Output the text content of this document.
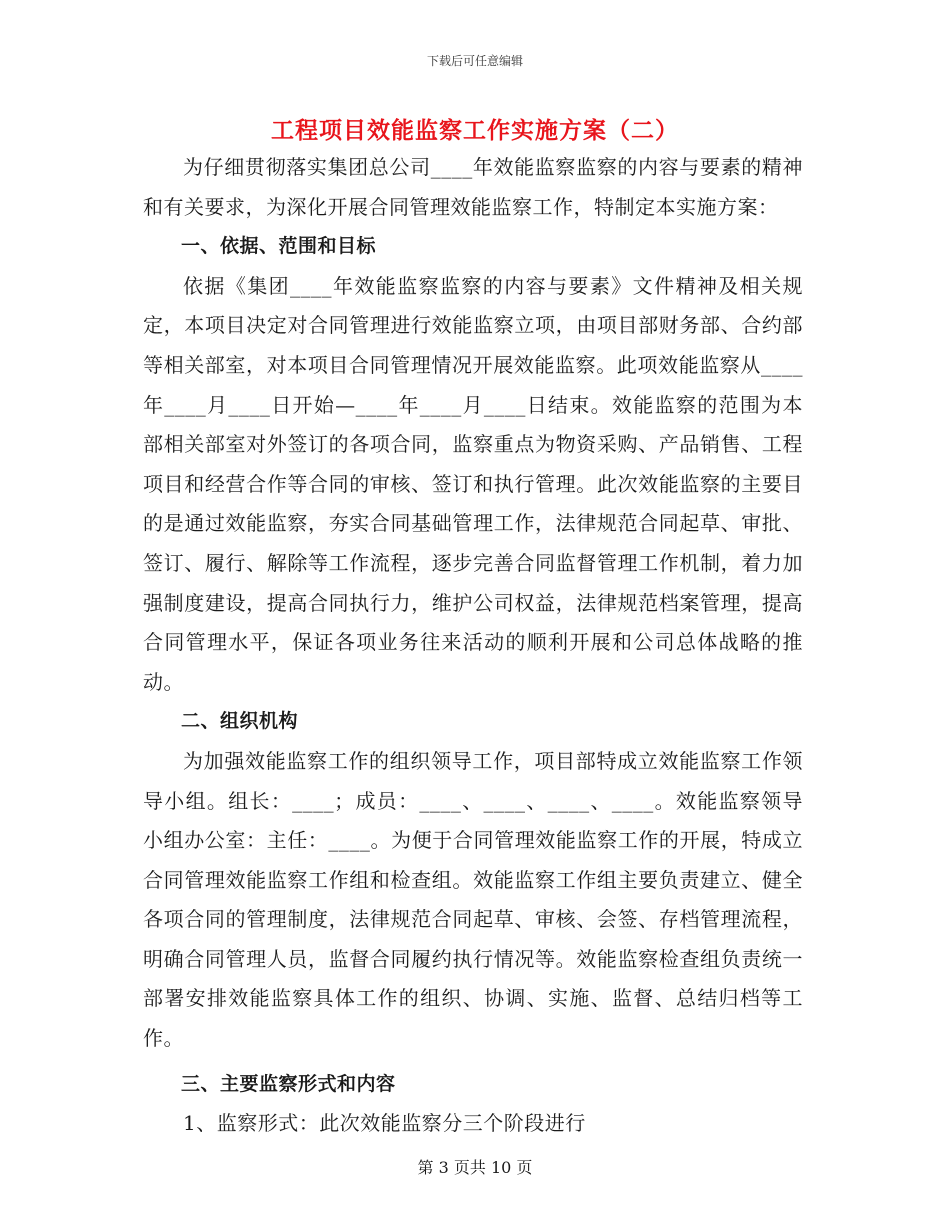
下载后可任意编辑
工程项目效能监察工作实施方案（二）

为仔细贯彻落实集团总公司____年效能监察监察的内容与要素的精神和有关要求，为深化开展合同管理效能监察工作，特制定本实施方案：

一、依据、范围和目标

依据《集团____年效能监察监察的内容与要素》文件精神及相关规定，本项目决定对合同管理进行效能监察立项，由项目部财务部、合约部等相关部室，对本项目合同管理情况开展效能监察。此项效能监察从____年____月____日开始—____年____月____日结束。效能监察的范围为本部相关部室对外签订的各项合同，监察重点为物资采购、产品销售、工程项目和经营合作等合同的审核、签订和执行管理。此次效能监察的主要目的是通过效能监察，夯实合同基础管理工作，法律规范合同起草、审批、签订、履行、解除等工作流程，逐步完善合同监督管理工作机制，着力加强制度建设，提高合同执行力，维护公司权益，法律规范档案管理，提高合同管理水平，保证各项业务往来活动的顺利开展和公司总体战略的推动。

二、组织机构

为加强效能监察工作的组织领导工作，项目部特成立效能监察工作领导小组。组长：____；成员：____、____、____、____。效能监察领导小组办公室：主任：____。为便于合同管理效能监察工作的开展，特成立合同管理效能监察工作组和检查组。效能监察工作组主要负责建立、健全各项合同的管理制度，法律规范合同起草、审核、会签、存档管理流程，明确合同管理人员，监督合同履约执行情况等。效能监察检查组负责统一部署安排效能监察具体工作的组织、协调、实施、监督、总结归档等工作。

三、主要监察形式和内容

1、监察形式：此次效能监察分三个阶段进行

第 3 页共 10 页
